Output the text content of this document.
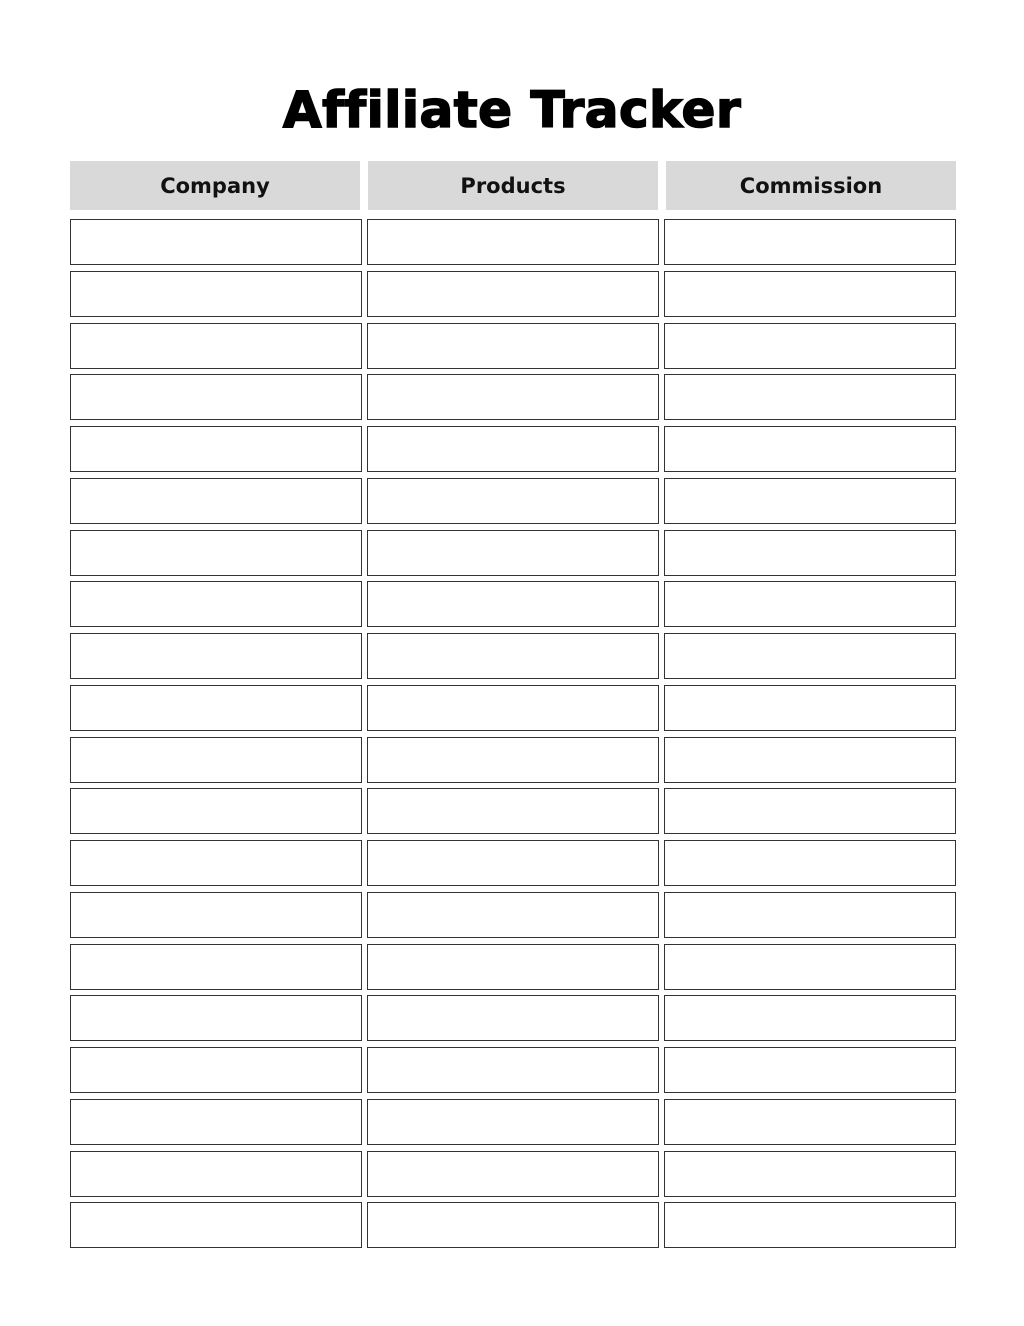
Affiliate Tracker
Company	Products	Commission
